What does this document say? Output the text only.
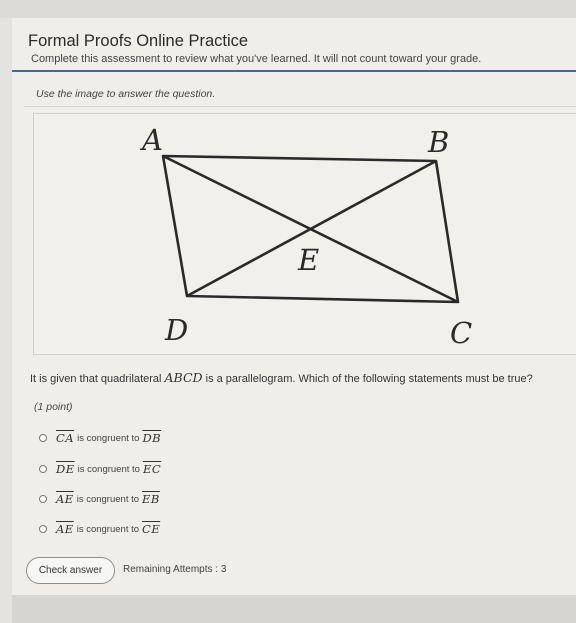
Formal Proofs Online Practice
Complete this assessment to review what you've learned. It will not count toward your grade.
Use the image to answer the question.
A	B
C
D
E
It is given that quadrilateral ABCD is a parallelogram. Which of the following statements must be true?
(1 point)
$\overline{CA}$ is congruent to $\overline{DB}$
$\overline{DE}$ is congruent to $\overline{EC}$
$\overline{AE}$ is congruent to $\overline{EB}$
$\overline{AE}$ is congruent to $\overline{CE}$
Check answer	Remaining Attempts : 3
